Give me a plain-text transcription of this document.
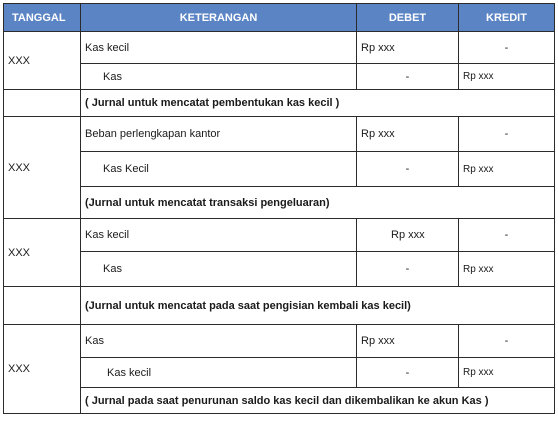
TANGGAL	KETERANGAN	DEBET	KREDIT
XXX	Kas kecil	Rp xxx	-
	Kas	-	Rp xxx
	( Jurnal untuk mencatat pembentukan kas kecil )		
XXX	Beban perlengkapan kantor	Rp xxx	-
	Kas Kecil	-	Rp xxx
	(Jurnal untuk mencatat transaksi pengeluaran)		
XXX	Kas kecil	Rp xxx	-
	Kas	-	Rp xxx
	(Jurnal untuk mencatat pada saat pengisian kembali kas kecil)		
XXX	Kas	Rp xxx	-
	Kas kecil	-	Rp xxx
	( Jurnal pada saat penurunan saldo kas kecil dan dikembalikan ke akun Kas )		
